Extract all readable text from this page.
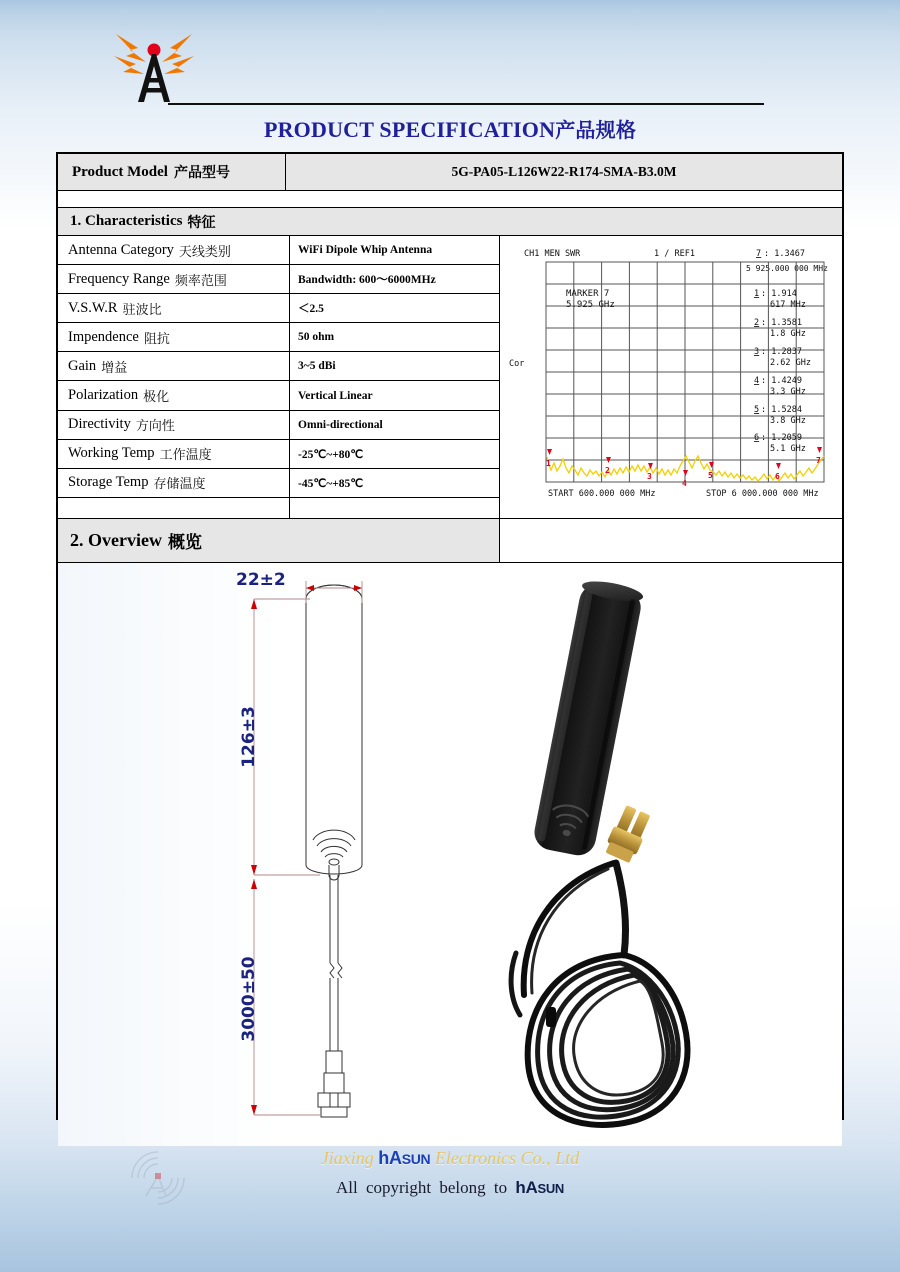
PRODUCT SPECIFICATION产品规格
Product Model 产品型号	5G-PA05-L126W22-R174-SMA-B3.0M
1.
Characteristics 特征
Antenna Category 天线类别	WiFi Dipole Whip Antenna
Frequency Range 频率范围	Bandwidth: 600～6000MHz
V.S.W.R 驻波比	＜2.5
Impendence 阻抗	50 ohm
Gain 增益	3~5 dBi
Polarization 极化	Vertical Linear
Directivity 方向性	Omni-directional
Working Temp 工作温度	-25℃~+80℃
Storage Temp 存储温度	-45℃~+85℃
CH1 MEN SWR	1 / REF1	7 : 1.3467
5 925.000 000 MHz
Cor
MARKER 7
5.925 GHz
1 : 1.914
617 MHz
2 : 1.3581
1.8 GHz
3 : 1.2837
2.62 GHz
4 : 1.4249
3.3 GHz
5 : 1.5284
3.8 GHz
6 : 1.2059
5.1 GHz
1
2
3
4
5	6
7
START 600.000 000 MHz	STOP 6 000.000 000 MHz
2.
Overview 概览
22±2
126±3
3000±50
Jiaxing hASUN Electronics Co., Ltd
All copyright belong to hASUN
